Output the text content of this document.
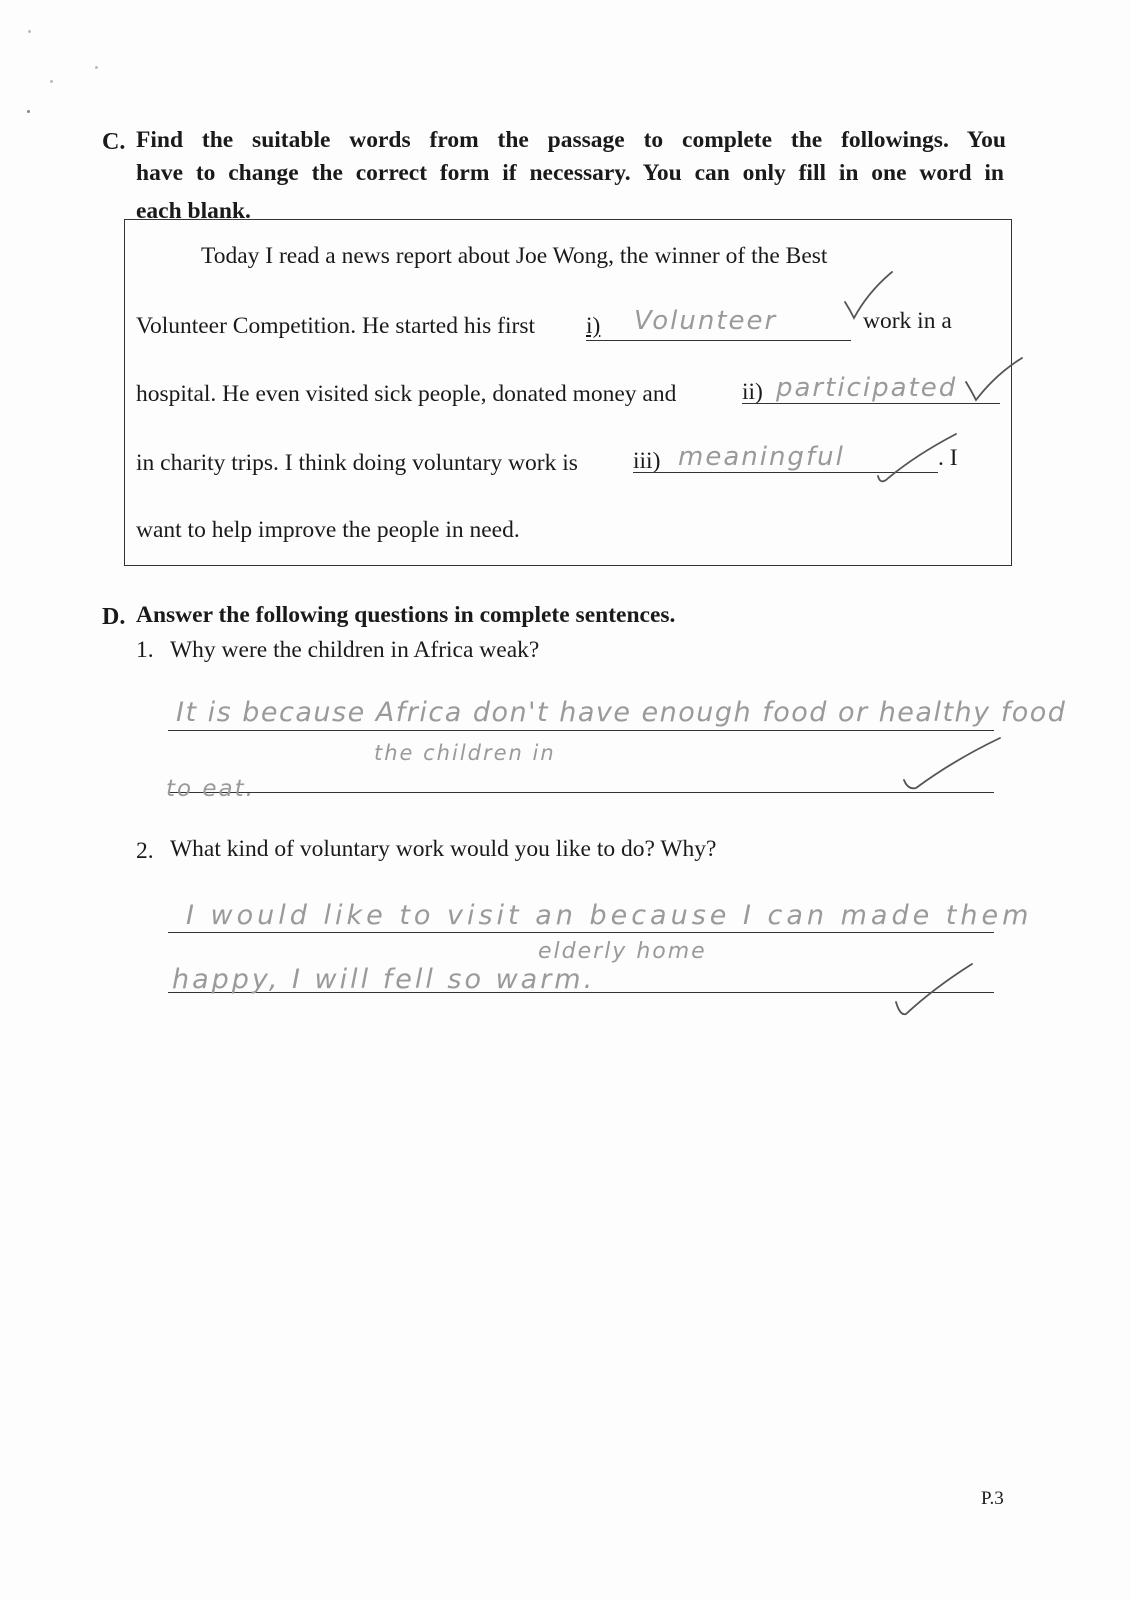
C. Find the suitable words from the passage to complete the followings. You
have to change the correct form if necessary. You can only fill in one word in
each blank.
Today I read a news report about Joe Wong, the winner of the Best
Volunteer Competition. He started his first i) Volunteer	work in a
hospital. He even visited sick people, donated money and	ii) participated
in charity trips. I think doing voluntary work is iii) meaningful	. I
want to help improve the people in need.
D. Answer the following questions in complete sentences.
1. Why were the children in Africa weak?
It is because Africa don't have enough food or healthy food
the children in
to eat.
2. What kind of voluntary work would you like to do? Why?
I would like to visit an because I can made them
elderly home
happy, I will fell so warm.
P.3
